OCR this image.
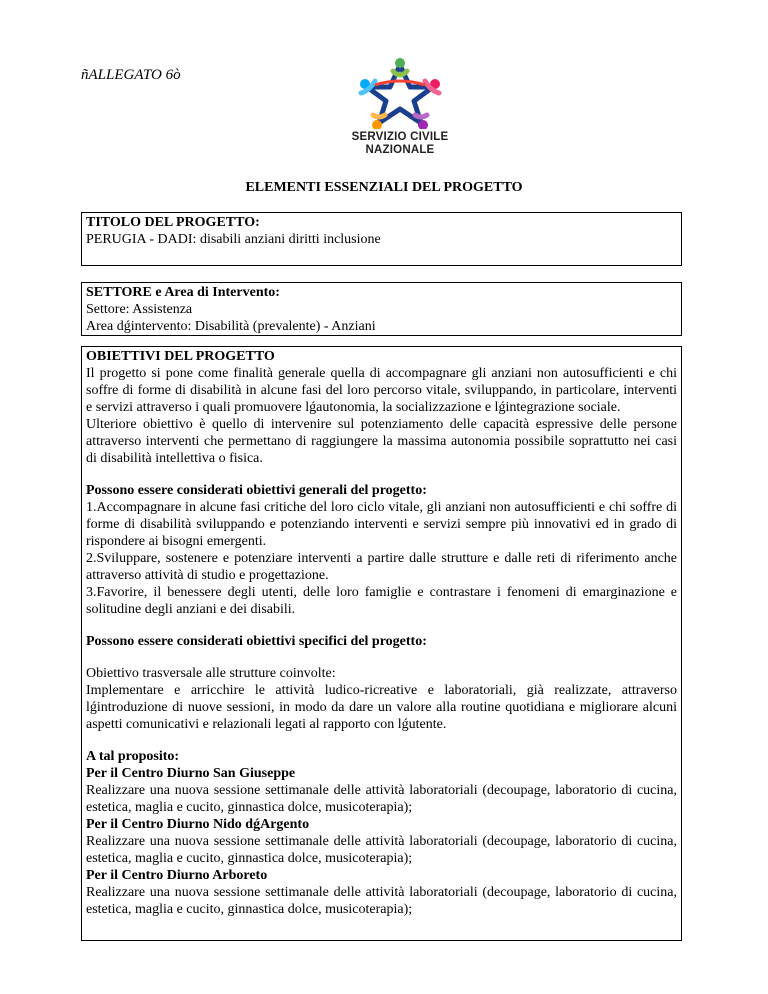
ñALLEGATO 6ò
SERVIZIO CIVILE
NAZIONALE
ELEMENTI ESSENZIALI DEL PROGETTO

TITOLO DEL PROGETTO:

PERUGIA - DADI: disabili anziani diritti inclusione

SETTORE e Area di Intervento:

Settore: Assistenza

Area dǵintervento: Disabilità (prevalente) - Anziani

OBIETTIVI DEL PROGETTO

Il progetto si pone come finalità generale quella di accompagnare gli anziani non autosufficienti e chi soffre di forme di disabilità in alcune fasi del loro percorso vitale, sviluppando, in particolare, interventi e servizi attraverso i quali promuovere lǵautonomia, la socializzazione e lǵintegrazione sociale.

Ulteriore obiettivo è quello di intervenire sul potenziamento delle capacità espressive delle persone attraverso interventi che permettano di raggiungere la massima autonomia possibile soprattutto nei casi di disabilità intellettiva o fisica.

Possono essere considerati obiettivi generali del progetto:

1.Accompagnare in alcune fasi critiche del loro ciclo vitale, gli anziani non autosufficienti e chi soffre di forme di disabilità sviluppando e potenziando interventi e servizi sempre più innovativi ed in grado di rispondere ai bisogni emergenti.

2.Sviluppare, sostenere e potenziare interventi a partire dalle strutture e dalle reti di riferimento anche attraverso attività di studio e progettazione.

3.Favorire, il benessere degli utenti, delle loro famiglie e contrastare i fenomeni di emarginazione e solitudine degli anziani e dei disabili.

Possono essere considerati obiettivi specifici del progetto:

Obiettivo trasversale alle strutture coinvolte:

Implementare e arricchire le attività ludico-ricreative e laboratoriali, già realizzate, attraverso lǵintroduzione di nuove sessioni, in modo da dare un valore alla routine quotidiana e migliorare alcuni aspetti comunicativi e relazionali legati al rapporto con lǵutente.

A tal proposito:

Per il Centro Diurno San Giuseppe

Realizzare una nuova sessione settimanale delle attività laboratoriali (decoupage, laboratorio di cucina, estetica, maglia e cucito, ginnastica dolce, musicoterapia);

Per il Centro Diurno Nido dǵArgento

Realizzare una nuova sessione settimanale delle attività laboratoriali (decoupage, laboratorio di cucina, estetica, maglia e cucito, ginnastica dolce, musicoterapia);

Per il Centro Diurno Arboreto

Realizzare una nuova sessione settimanale delle attività laboratoriali (decoupage, laboratorio di cucina, estetica, maglia e cucito, ginnastica dolce, musicoterapia);
